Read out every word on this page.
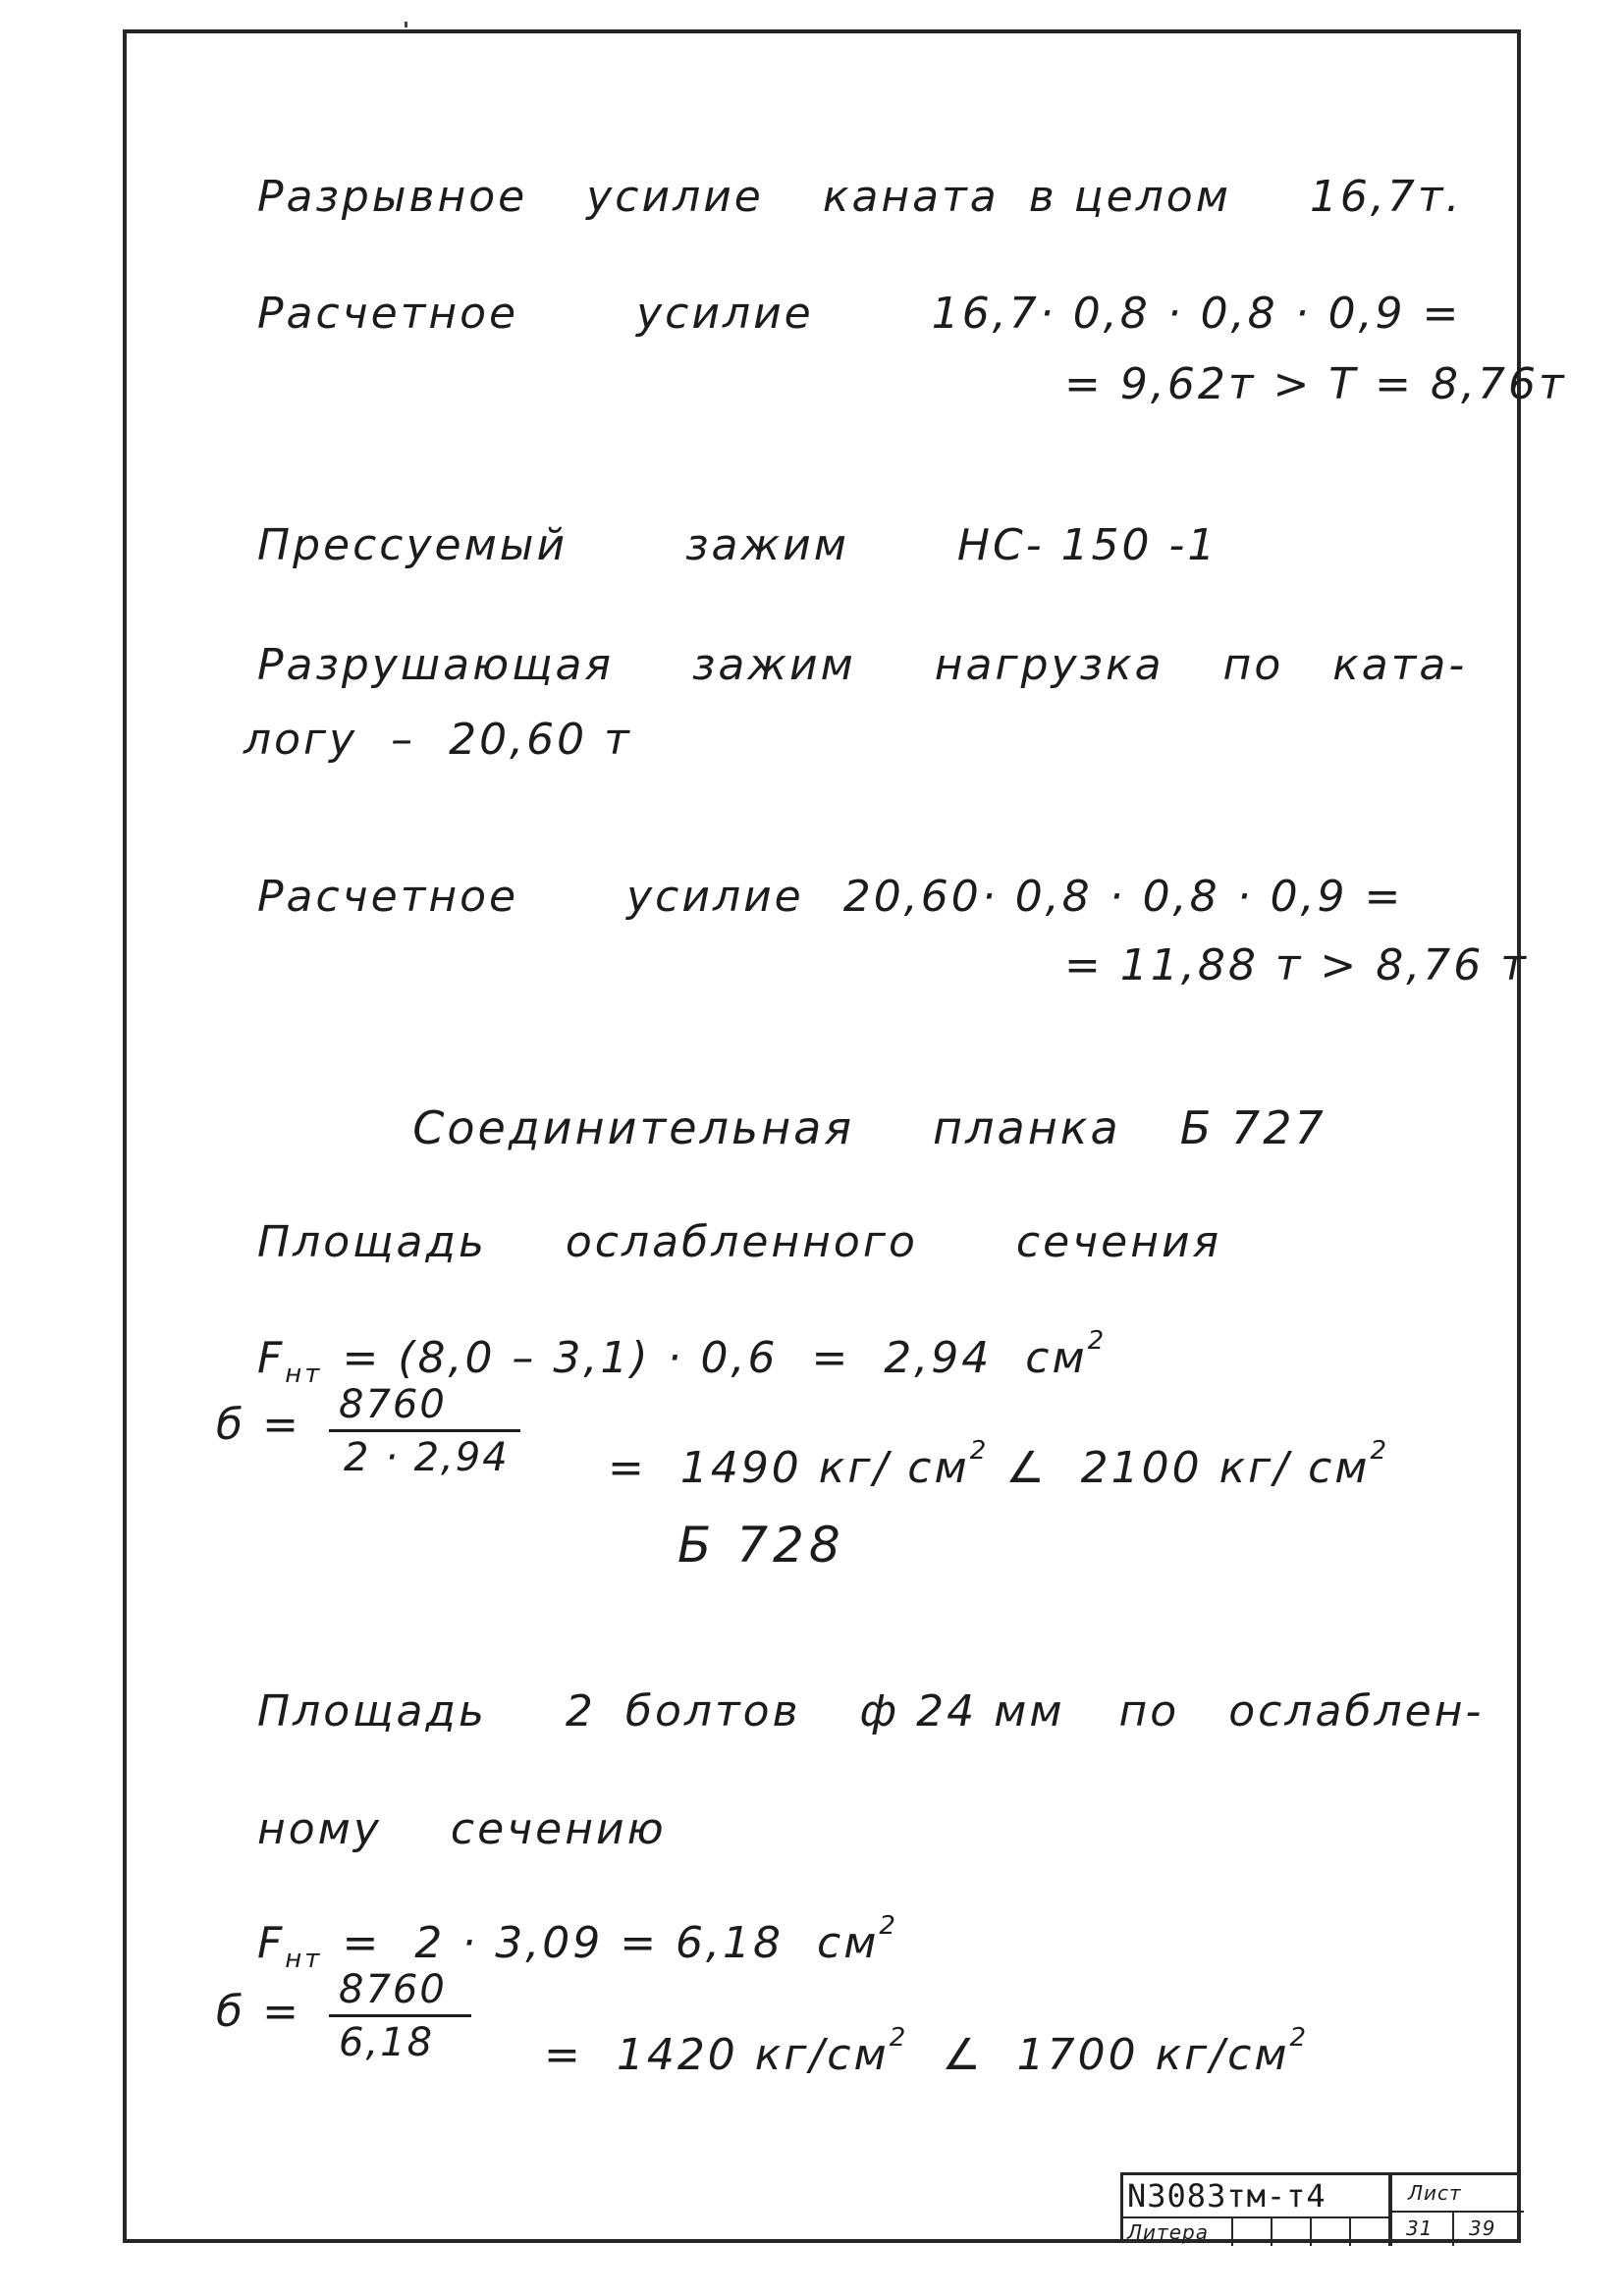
Разрывное усилие каната в целом 16,7т.

Расчетное	усилие	16,7· 0,8 · 0,8 · 0,9 =

= 9,62т > Т = 8,76т

Прессуемый	зажим	НС- 150 -1

Разрушающая зажим нагрузка по ката-

логу  –  20,60 т

Расчетное	усилие 20,60· 0,8 · 0,8 · 0,9 =

= 11,88 т > 8,76 т

Соединительная планка Б 727

Площадь ослабленного сечения

$F_{нт} = (8,0 - 3,1) \cdot 0,6 = 2,94$  $см^2$

б = 8760
2 · 2,94	=  1490 кг/ $см^2$ ∠  2100 кг/ $см^2$

Б 728

Площадь 2 болтов ф 24 мм по ослаблен-

ному сечению

$F_{нт} = 2 \cdot 3,09 = 6,18$  $см^2$

б = 8760
6,18	=  1420 $кг/см^2$  ∠  1700 $кг/см^2$

N3083тм-т4
Литера
Лист
31 39
